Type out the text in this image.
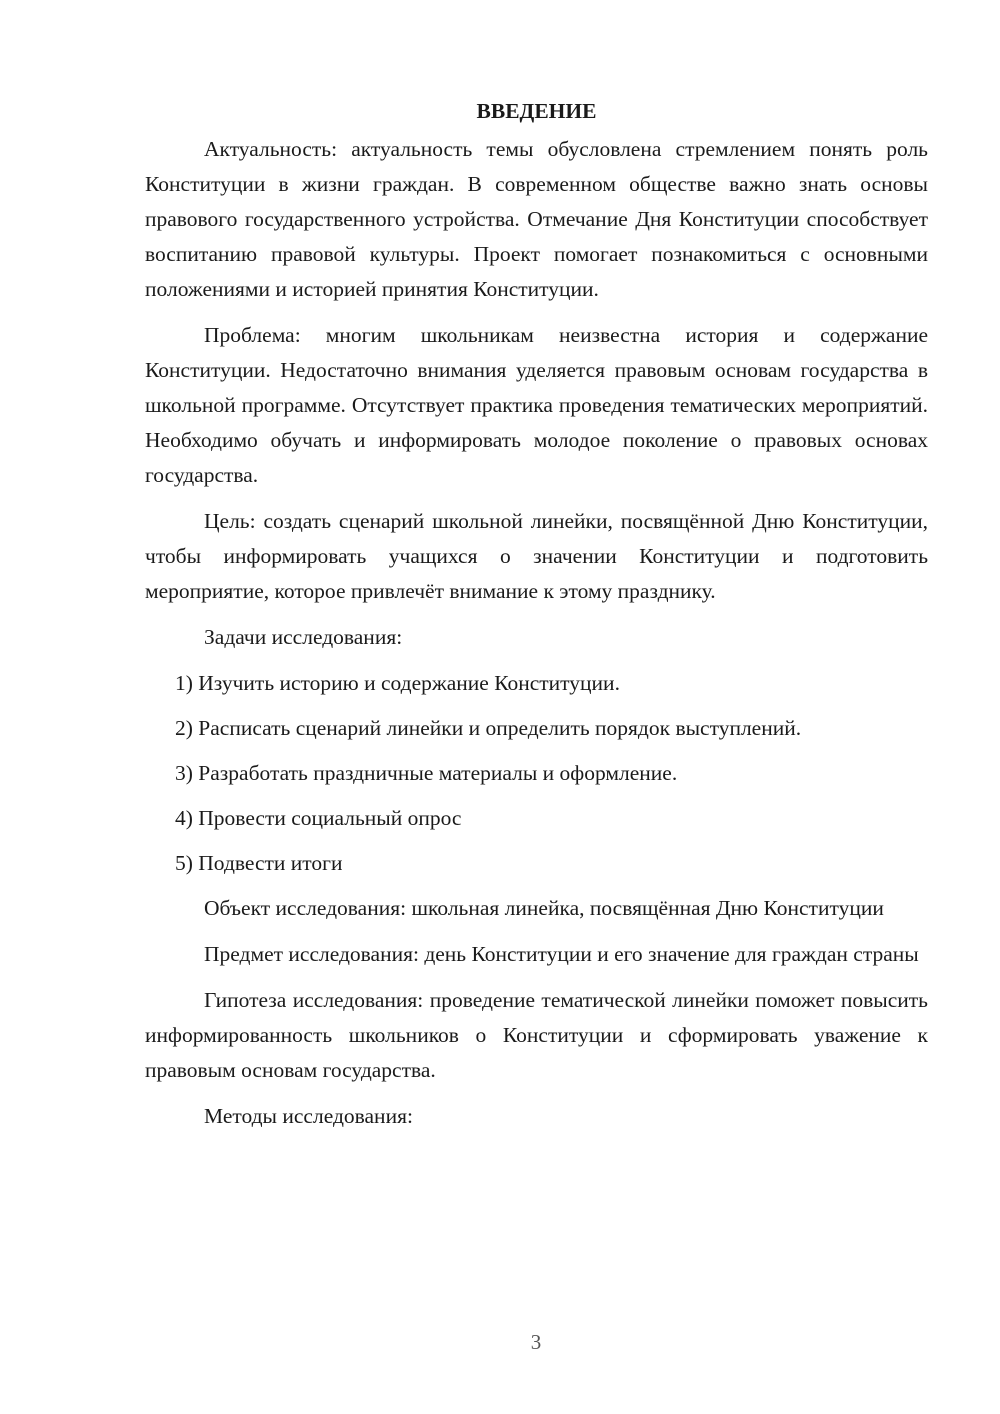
ВВЕДЕНИЕ

Актуальность: актуальность темы обусловлена стремлением понять роль Конституции в жизни граждан. В современном обществе важно знать основы правового государственного устройства. Отмечание Дня Конституции способствует воспитанию правовой культуры. Проект помогает познакомиться с основными положениями и историей принятия Конституции.

Проблема: многим школьникам неизвестна история и содержание Конституции. Недостаточно внимания уделяется правовым основам государства в школьной программе. Отсутствует практика проведения тематических мероприятий. Необходимо обучать и информировать молодое поколение о правовых основах государства.

Цель: создать сценарий школьной линейки, посвящённой Дню Конституции, чтобы информировать учащихся о значении Конституции и подготовить мероприятие, которое привлечёт внимание к этому празднику.

Задачи исследования:

1) Изучить историю и содержание Конституции.

2) Расписать сценарий линейки и определить порядок выступлений.

3) Разработать праздничные материалы и оформление.

4) Провести социальный опрос

5) Подвести итоги

Объект исследования: школьная линейка, посвящённая Дню Конституции

Предмет исследования: день Конституции и его значение для граждан страны

Гипотеза исследования: проведение тематической линейки поможет повысить информированность школьников о Конституции и сформировать уважение к правовым основам государства.

Методы исследования:

3
